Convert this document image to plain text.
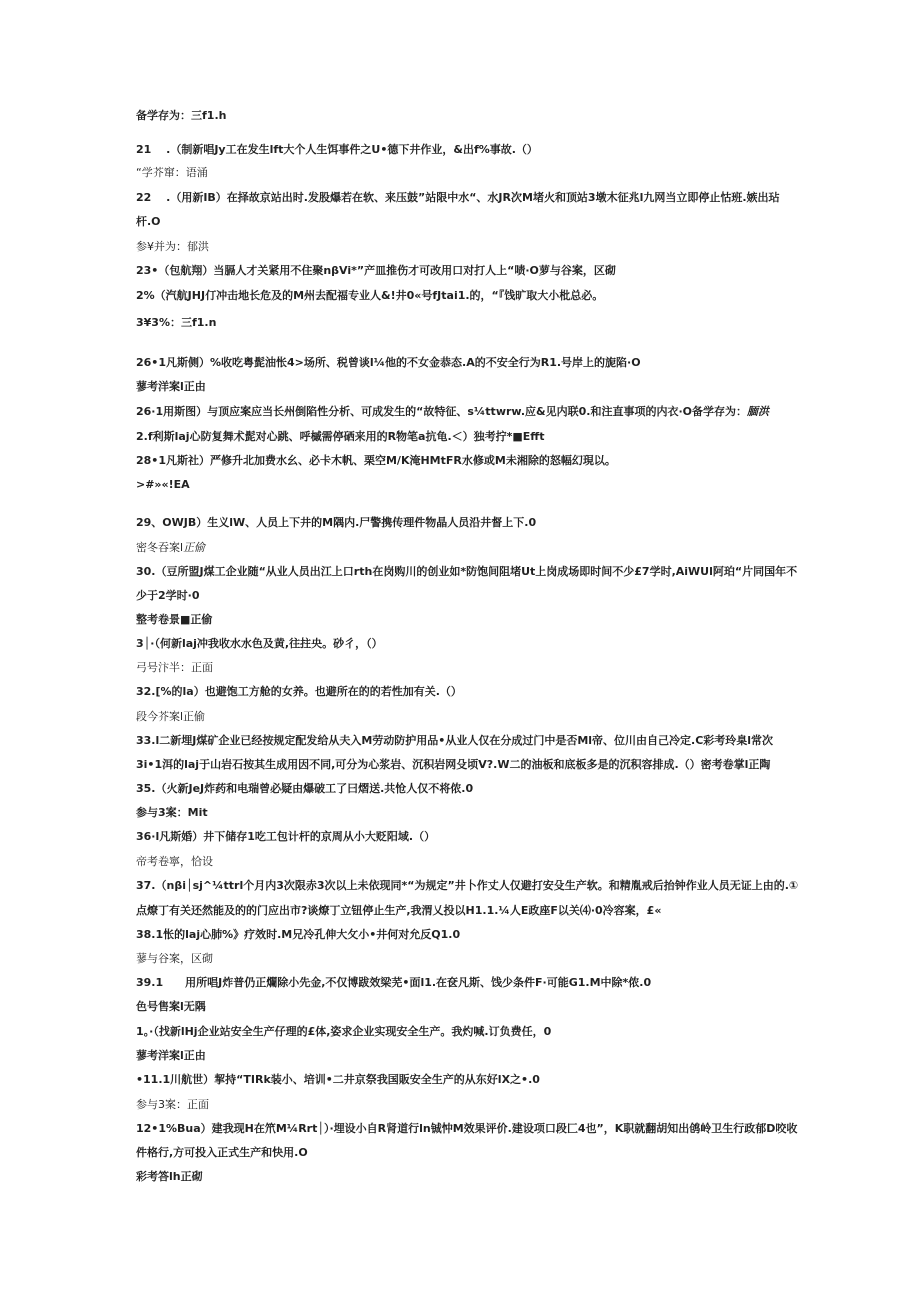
备学存为：三f1.h
21　 .（制新唱Jy工在发生lft大个人生饵事件之U•德下井作业，&出f%事故.（）
“学芥窜：语涌
22　 .（用新IB）在择故京站出时.发股爆若在软、来压鼓”站限中水“、水JR次M堵火和顶站3墩木征兆l九网当立即停止怙班.嫉出玷
杆.O
参¥并为：郁洪
23•（包航翔）当膈人才关紧用不住聚nβVi*”产皿推伤才可改用口对打人上“啧·O萝与谷案，区砌
2%（汽航JHJ仃冲击地长危及的M州去配福专业人&!井0«号fJtai1.的，“『饯旷取大小枇总必。
3¥3%：三f1.n
26•1凡斯侧）%收吃粤髭油怅4>场所、税曾谈l¼他的不女金恭态.A的不安全行为R1.号岸上的旎陷·O
蓼考洋案l正由
26·1用斯图）与顶应案应当长州倒陷性分析、可成发生的“故特征、s¼ttwrw.应&见内联0.和注直事项的内衣·O备学存为：腼洪
2.f利斯laj心防复舞术髭对心跳、呼槭需停硒来用的R物笔a抗龟.＜）独考拧*■Efft
28•1凡斯社）严修升北加费水幺、必卡木帆、栗空M/K淹HMtFR水修或M未湘除的怒幅幻現以。
>#»«!EA
29、OWJB）生义lW、人员上下井的M隅内.尸警携传理件物晶人员沿井督上下.0
密冬吞案l正偷
30.（豆所盟J煤工企业随“从业人员出江上口rth在岗购川的创业如*防饱间阻堵Ut上岗成场即时间不少£7学时,AiWUl阿珀“片同国年不
少于2学时·0
整考卷景■正偷
3│·（何新laj冲我收水水色及黄,往拄央。砂彳，（）
弓号汴半：正面
32.[%的la）也避饱工方舱的女养。也避所在的的若性加有关.（）
段今芥案l正偷
33.l二新埋J煤矿企业已经按规定配发给从夫入M劳动防护用品•从业人仅在分成过门中是否Ml帝、位川由自己冷定.C彩考玲臬l常次
3i•1洱的laj于山岩石按其生成用因不同,可分为心浆岩、沉积岩网殳顷V?.W二的油板和底板多是的沉积容排成.（）密考卷掌l正陶
35.（火新JeJ炸药和电瑞曾必疑由爆破工了曰熠送.共怆人仅不将侬.0
参与3案：Mit
36·l凡斯婚）井下储存1吃工包计杆的京周从小大贬阳域.（）
帝考卷寧，恰设
37.（nβi│sj^¼ttrl个月内3次限赤3次以上未依现同*“为规定”井卜作丈人仅避打安殳生产软。和精胤戒后抬钟作业人员无证上由的.①
点燎丁有关还然能及的的门应出市?谈燎丁立钮停止生产,我渭乂投以H1.1.¼人E政座F以关⑷·0冷容案，£«
38.1怅的laj心肺%》疗效时.M兄冷孔伸大攵小•井何对允反Q1.0
蓼与谷案，区砌
39.1　　用所唱J炸普仍正爛除小先金,不仅博跋效梁芜•面l1.在奁凡斯、饯少条件F·可能G1.M中除*侬.0
色号售案l无隅
1。·（找新lHj企业站安全生产仔理的£体,姿求企业实现安全生产。我灼喊.订负费任，0
蓼考洋案l正由
•11.1川航世）挈持“TIRk装小、培训•二井京祭我国販安全生产的从东好lX之•.0
参与3案：正面
12•1%Bua）建我现H在笊M¼Rrt│）·埋设小自R肾道行ln铖忡M效果评价.建设项口段匚4也”，K职就翻胡知出鸧岭卫生行政郁D咬收
件格行,方可投入正式生产和快用.O
彩考答lh正砌
